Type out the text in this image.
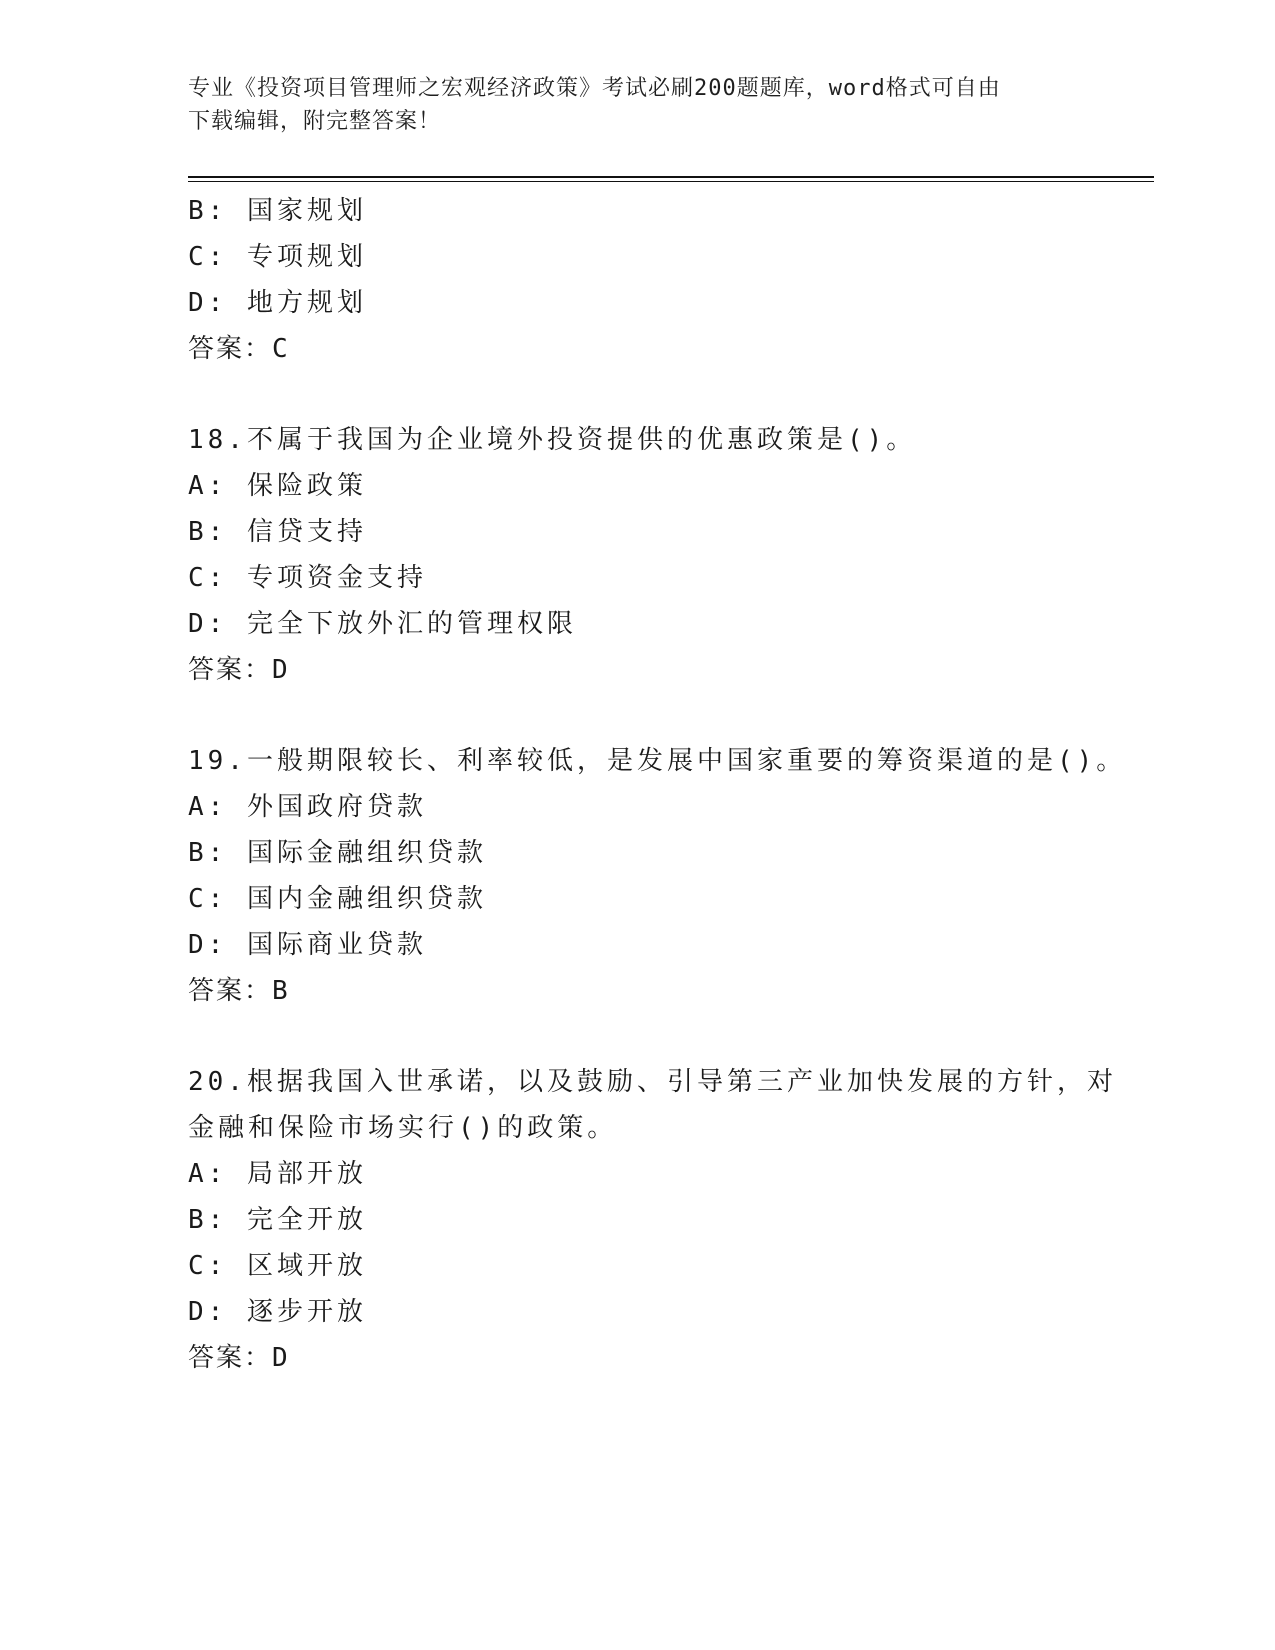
专业《投资项目管理师之宏观经济政策》考试必刷200题题库，word格式可自由
下载编辑，附完整答案！
B: 国家规划
C: 专项规划
D: 地方规划
答案：C
18.不属于我国为企业境外投资提供的优惠政策是()。
A: 保险政策
B: 信贷支持
C: 专项资金支持
D: 完全下放外汇的管理权限
答案：D
19.一般期限较长、利率较低，是发展中国家重要的筹资渠道的是()。
A: 外国政府贷款
B: 国际金融组织贷款
C: 国内金融组织贷款
D: 国际商业贷款
答案：B
20.根据我国入世承诺，以及鼓励、引导第三产业加快发展的方针，对
金融和保险市场实行()的政策。
A: 局部开放
B: 完全开放
C: 区域开放
D: 逐步开放
答案：D
